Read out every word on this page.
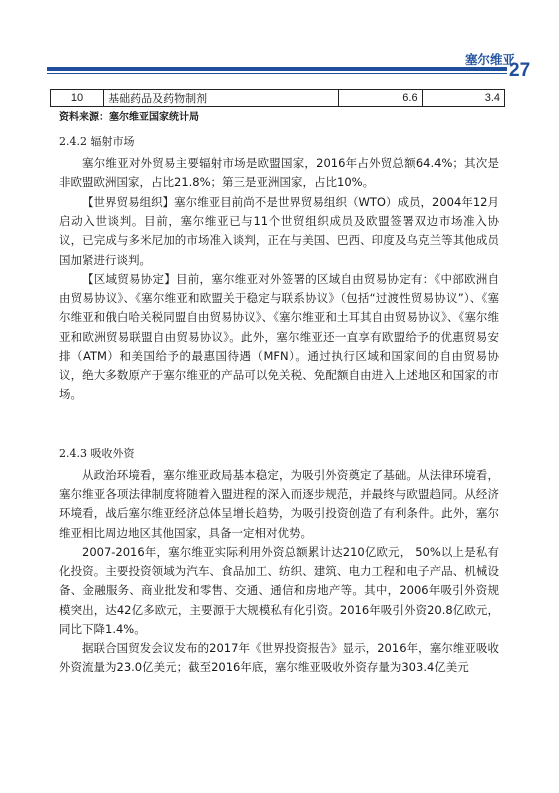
塞尔维亚
27
10	基础药品及药物制剂	6.6	3.4
资料来源：塞尔维亚国家统计局
2.4.2 辐射市场

塞尔维亚对外贸易主要辐射市场是欧盟国家，2016年占外贸总额64.4%；其次是非欧盟欧洲国家，占比21.8%；第三是亚洲国家，占比10%。

【世界贸易组织】塞尔维亚目前尚不是世界贸易组织（WTO）成员，2004年12月启动入世谈判。目前，塞尔维亚已与11个世贸组织成员及欧盟签署双边市场准入协议，已完成与多米尼加的市场准入谈判，正在与美国、巴西、印度及乌克兰等其他成员国加紧进行谈判。

【区域贸易协定】目前，塞尔维亚对外签署的区域自由贸易协定有：《中部欧洲自由贸易协议》、《塞尔维亚和欧盟关于稳定与联系协议》（包括“过渡性贸易协议”）、《塞尔维亚和俄白哈关税同盟自由贸易协议》、《塞尔维亚和土耳其自由贸易协议》、《塞尔维亚和欧洲贸易联盟自由贸易协议》。此外，塞尔维亚还一直享有欧盟给予的优惠贸易安排（ATM）和美国给予的最惠国待遇（MFN）。通过执行区域和国家间的自由贸易协议，绝大多数原产于塞尔维亚的产品可以免关税、免配额自由进入上述地区和国家的市场。

2.4.3 吸收外资

从政治环境看，塞尔维亚政局基本稳定，为吸引外资奠定了基础。从法律环境看，塞尔维亚各项法律制度将随着入盟进程的深入而逐步规范，并最终与欧盟趋同。从经济环境看，战后塞尔维亚经济总体呈增长趋势，为吸引投资创造了有利条件。此外，塞尔维亚相比周边地区其他国家，具备一定相对优势。

2007-2016年，塞尔维亚实际利用外资总额累计达210亿欧元， 50%以上是私有化投资。主要投资领域为汽车、食品加工、纺织、建筑、电力工程和电子产品、机械设备、金融服务、商业批发和零售、交通、通信和房地产等。其中，2006年吸引外资规模突出，达42亿多欧元，主要源于大规模私有化引资。2016年吸引外资20.8亿欧元，同比下降1.4%。

据联合国贸发会议发布的2017年《世界投资报告》显示，2016年，塞尔维亚吸收外资流量为23.0亿美元；截至2016年底，塞尔维亚吸收外资存量为303.4亿美元
